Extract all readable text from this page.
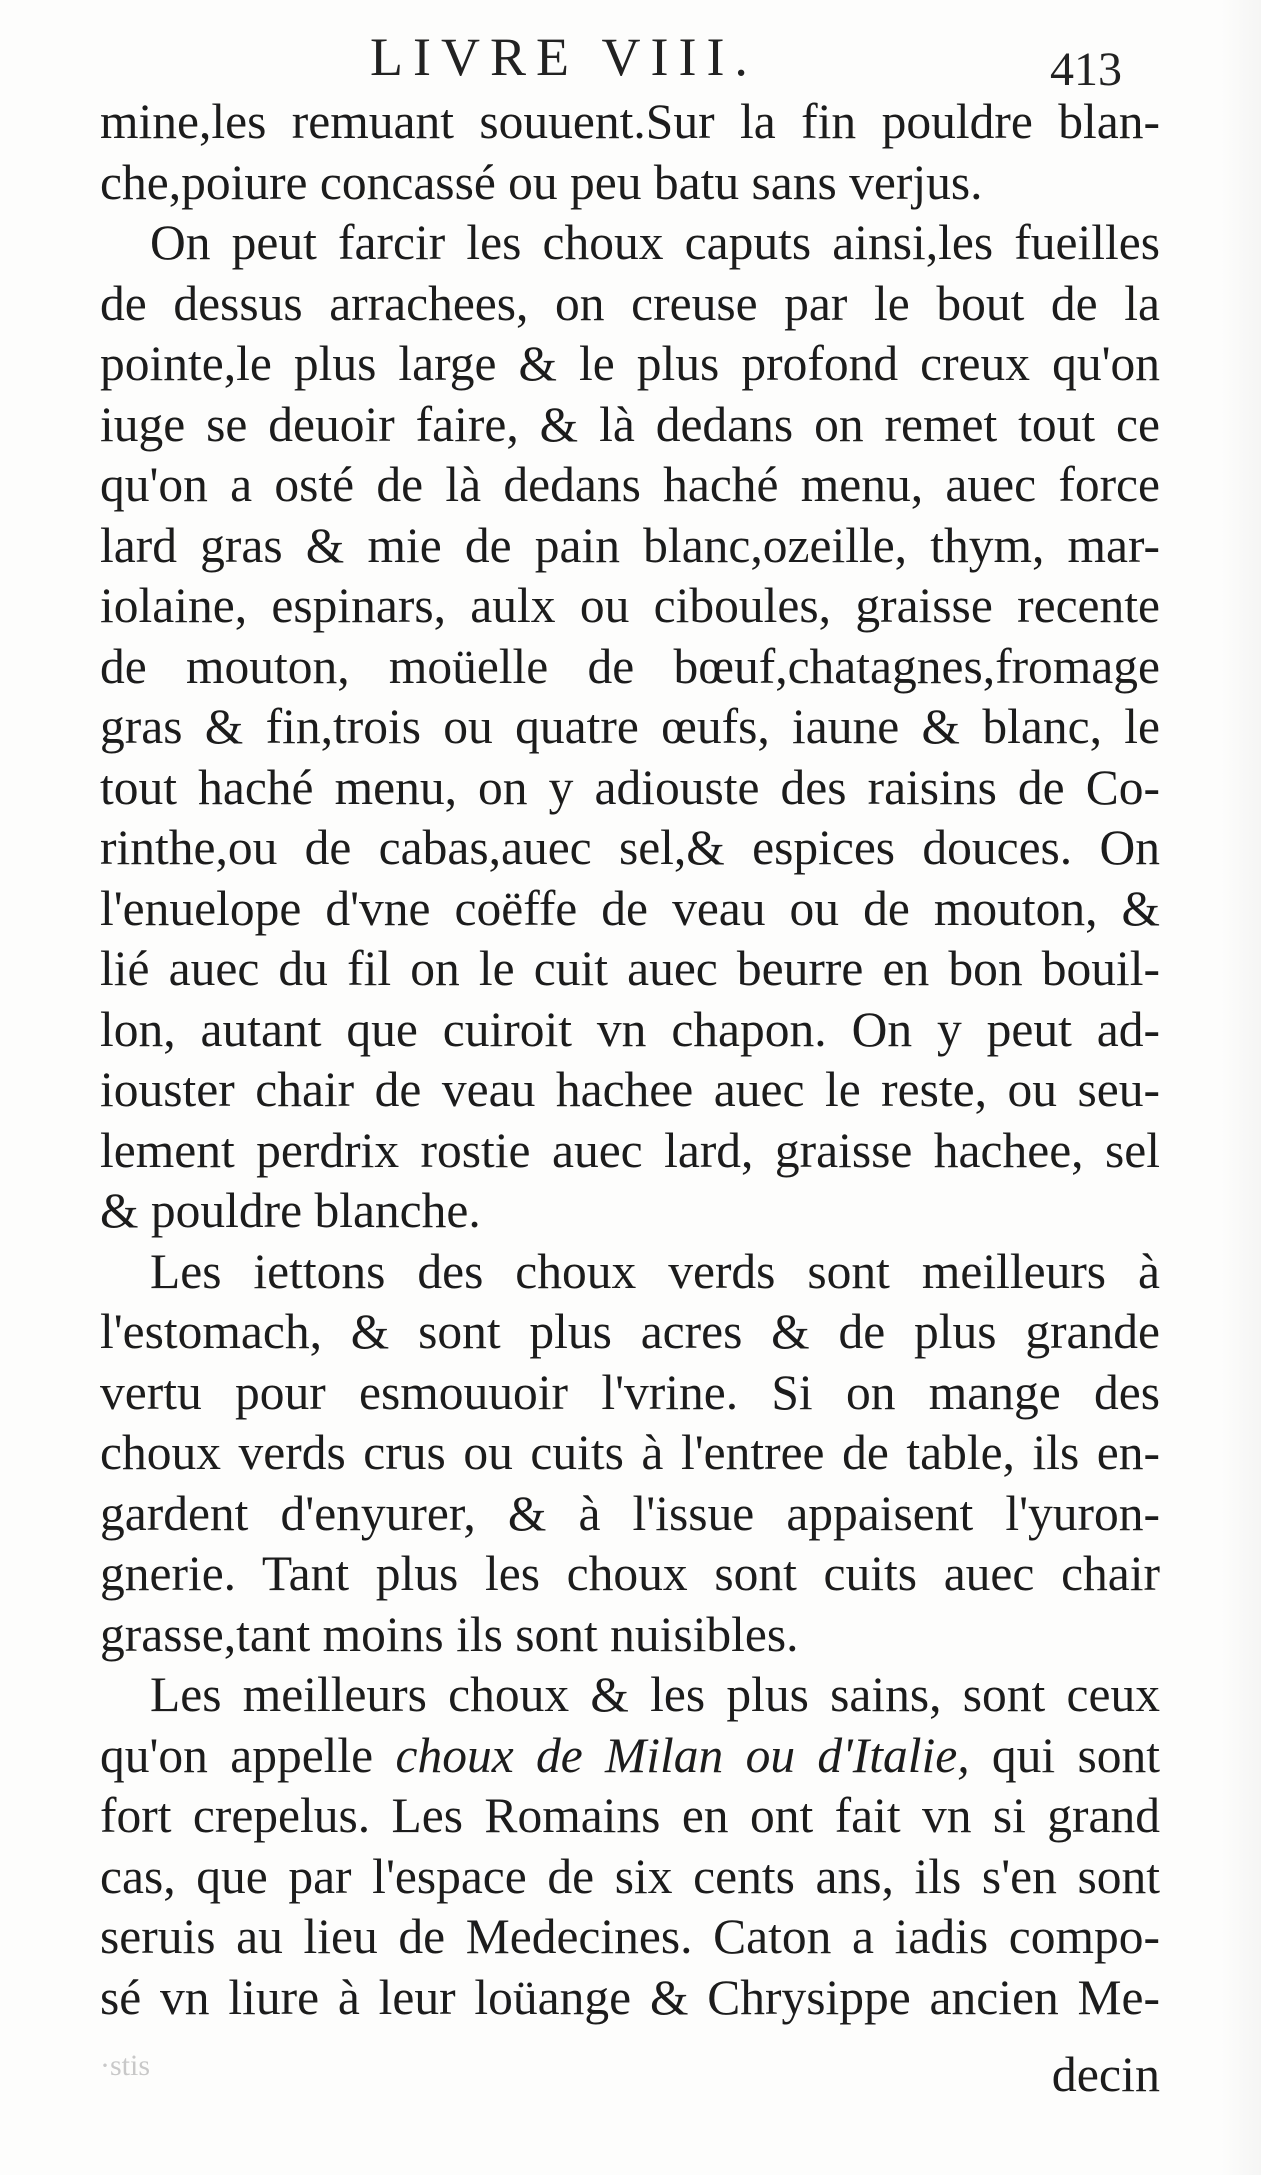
LIVRE VIII.	413
mine,les remuant souuent.Sur la fin pouldre blan-
che,poiure concassé ou peu batu sans verjus.
On peut farcir les choux caputs ainsi,les fueilles
de dessus arrachees, on creuse par le bout de la
pointe,le plus large & le plus profond creux qu'on
iuge se deuoir faire, & là dedans on remet tout ce
qu'on a osté de là dedans haché menu, auec force
lard gras & mie de pain blanc,ozeille, thym, mar-
iolaine, espinars, aulx ou ciboules, graisse recente
de mouton, moüelle de bœuf,chatagnes,fromage
gras & fin,trois ou quatre œufs, iaune & blanc, le
tout haché menu, on y adiouste des raisins de Co-
rinthe,ou de cabas,auec sel,& espices douces. On
l'enuelope d'vne coëffe de veau ou de mouton, &
lié auec du fil on le cuit auec beurre en bon bouil-
lon, autant que cuiroit vn chapon. On y peut ad-
iouster chair de veau hachee auec le reste, ou seu-
lement perdrix rostie auec lard, graisse hachee, sel
& pouldre blanche.
Les iettons des choux verds sont meilleurs à
l'estomach, & sont plus acres & de plus grande
vertu pour esmouuoir l'vrine. Si on mange des
choux verds crus ou cuits à l'entree de table, ils en-
gardent d'enyurer, & à l'issue appaisent l'yuron-
gnerie. Tant plus les choux sont cuits auec chair
grasse,tant moins ils sont nuisibles.
Les meilleurs choux & les plus sains, sont ceux
qu'on appelle choux de Milan ou d'Italie, qui sont
fort crepelus. Les Romains en ont fait vn si grand
cas, que par l'espace de six cents ans, ils s'en sont
seruis au lieu de Medecines. Caton a iadis compo-
sé vn liure à leur loüange & Chrysippe ancien Me-
·stis	decin
